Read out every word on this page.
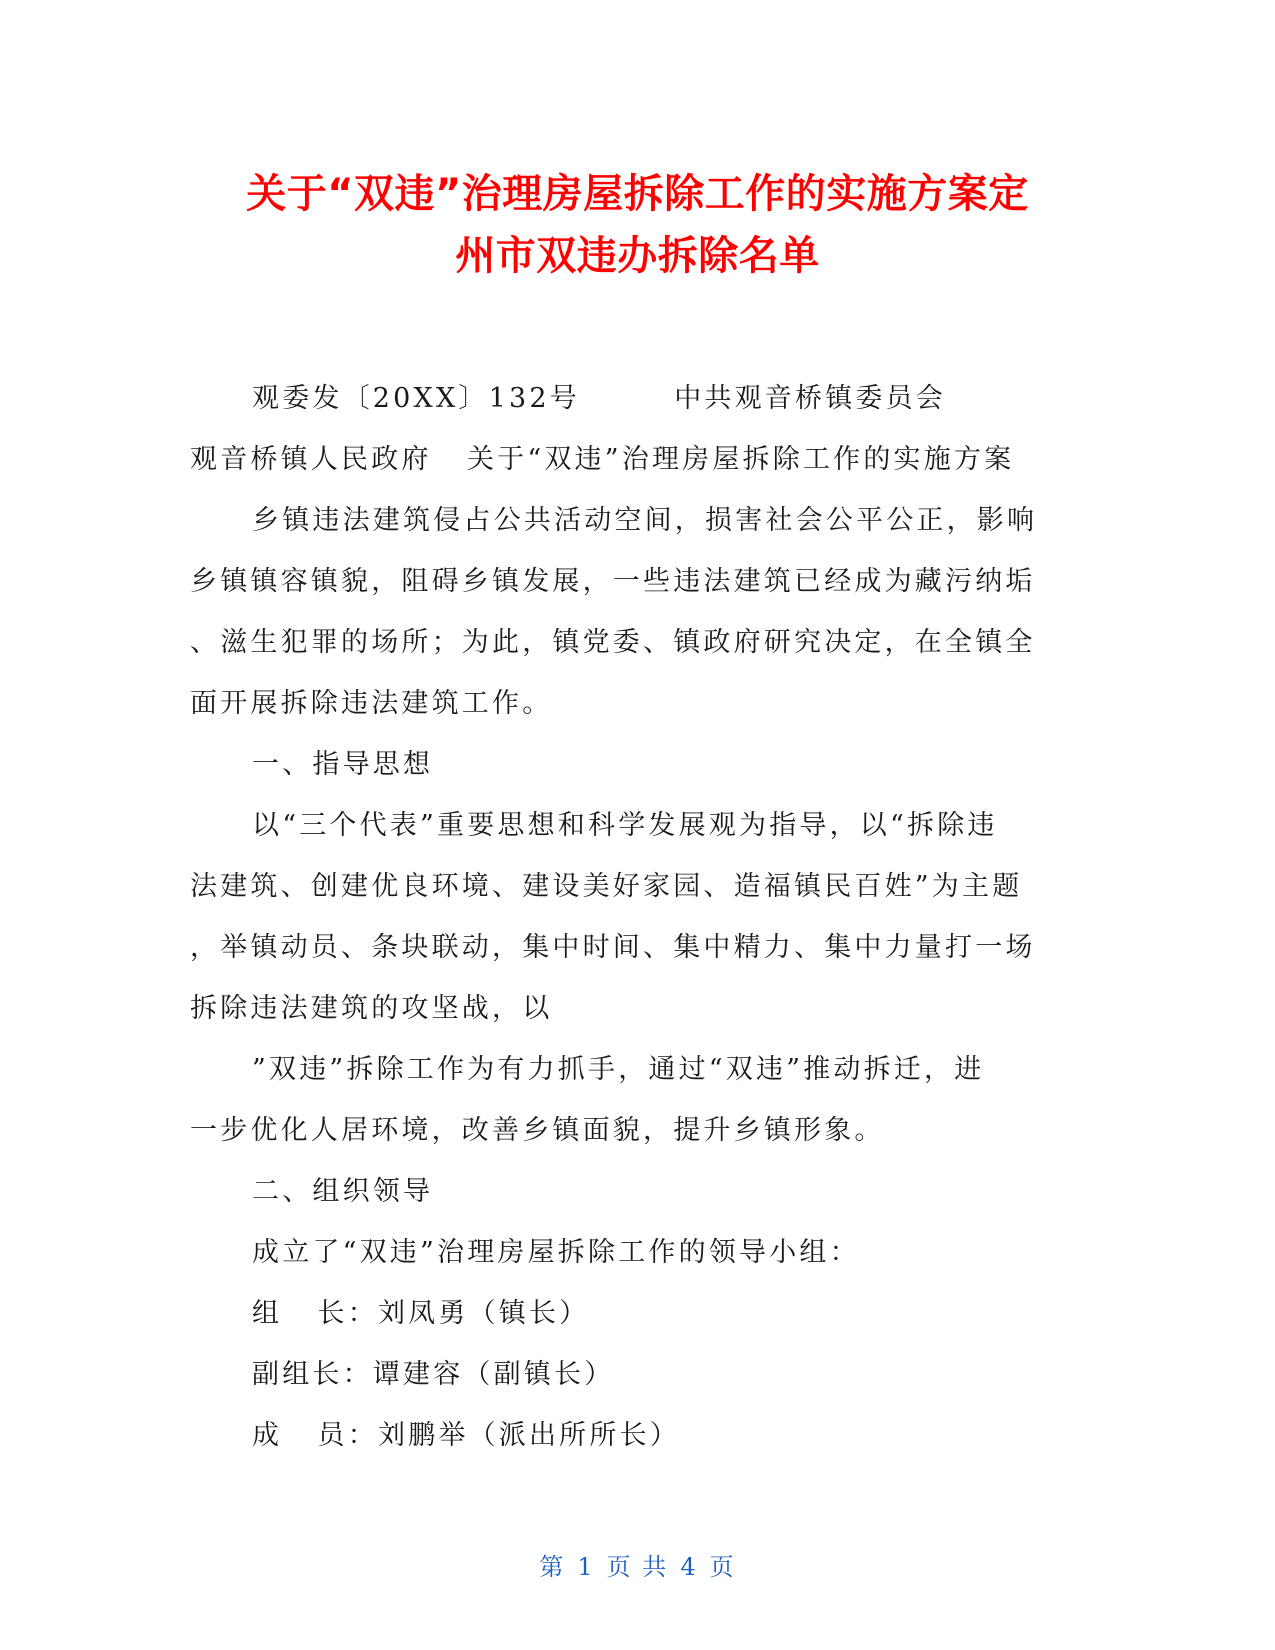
关于“双违”治理房屋拆除工作的实施方案定
州市双违办拆除名单
观委发〔20XX〕132号        中共观音桥镇委员会
观音桥镇人民政府   关于“双违”治理房屋拆除工作的实施方案
乡镇违法建筑侵占公共活动空间，损害社会公平公正，影响
乡镇镇容镇貌，阻碍乡镇发展，一些违法建筑已经成为藏污纳垢
、滋生犯罪的场所；为此，镇党委、镇政府研究决定，在全镇全
面开展拆除违法建筑工作。
一、指导思想
以“三个代表”重要思想和科学发展观为指导，以“拆除违
法建筑、创建优良环境、建设美好家园、造福镇民百姓”为主题
，举镇动员、条块联动，集中时间、集中精力、集中力量打一场
拆除违法建筑的攻坚战，以
”双违”拆除工作为有力抓手，通过“双违”推动拆迁，进
一步优化人居环境，改善乡镇面貌，提升乡镇形象。
二、组织领导
成立了“双违”治理房屋拆除工作的领导小组：
组   长：刘凤勇（镇长）
副组长：谭建容（副镇长）
成   员：刘鹏举（派出所所长）
第 1 页 共 4 页
